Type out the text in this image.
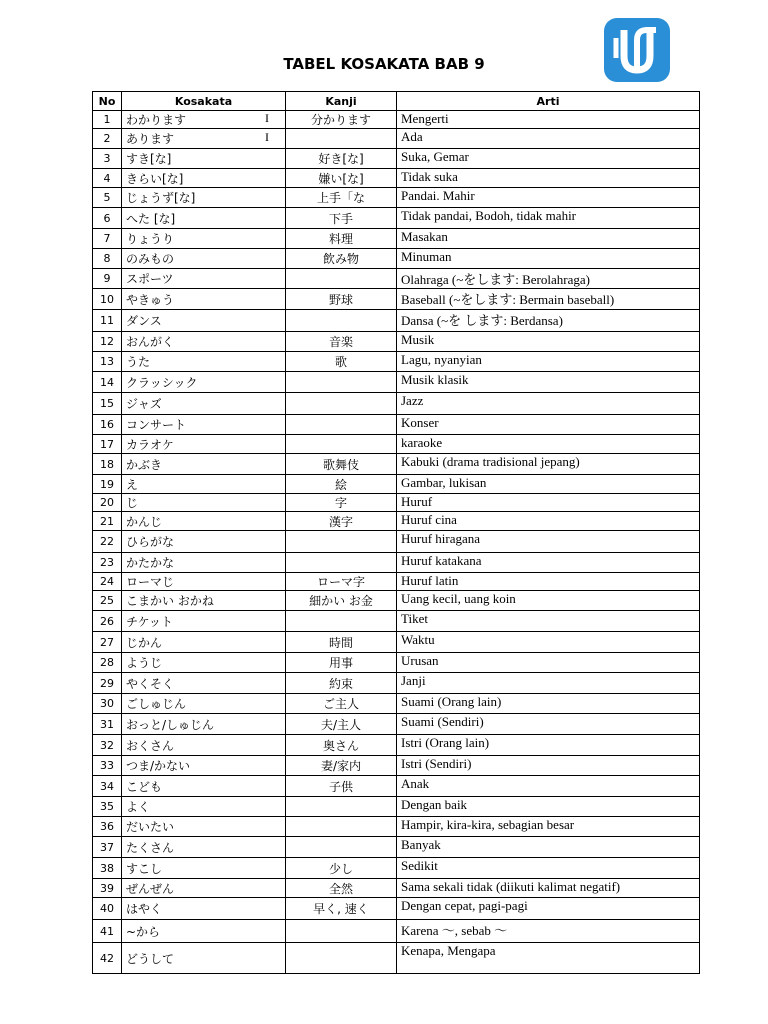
TABEL KOSAKATA BAB 9
No	Kosakata	Kanji	Arti
1	わかります I	分かります	Mengerti
2	あります I		Ada
3	すき[な]	好き[な]	Suka, Gemar
4	きらい[な]	嫌い[な]	Tidak suka
5	じょうず[な]	上手「な	Pandai. Mahir
6	へた [な]	下手	Tidak pandai, Bodoh, tidak mahir
7	りょうり	料理	Masakan
8	のみもの	飲み物	Minuman
9	スポーツ		Olahraga (~をします: Berolahraga)
10	やきゅう	野球	Baseball (~をします: Bermain baseball)
11	ダンス		Dansa (~を します: Berdansa)
12	おんがく	音楽	Musik
13	うた	歌	Lagu, nyanyian
14	クラッシック		Musik klasik
15	ジャズ		Jazz
16	コンサート		Konser
17	カラオケ		karaoke
18	かぶき	歌舞伎	Kabuki (drama tradisional jepang)
19	え	絵	Gambar, lukisan
20	じ	字	Huruf
21	かんじ	漢字	Huruf cina
22	ひらがな		Huruf hiragana
23	かたかな		Huruf katakana
24	ローマじ	ローマ字	Huruf latin
25	こまかい おかね	細かい お金	Uang kecil, uang koin
26	チケット		Tiket
27	じかん	時間	Waktu
28	ようじ	用事	Urusan
29	やくそく	約束	Janji
30	ごしゅじん	ご主人	Suami (Orang lain)
31	おっと/しゅじん	夫/主人	Suami (Sendiri)
32	おくさん	奥さん	Istri (Orang lain)
33	つま/かない	妻/家内	Istri (Sendiri)
34	こども	子供	Anak
35	よく		Dengan baik
36	だいたい		Hampir, kira-kira, sebagian besar
37	たくさん		Banyak
38	すこし	少し	Sedikit
39	ぜんぜん	全然	Sama sekali tidak (diikuti kalimat negatif)
40	はやく	早く, 速く	Dengan cepat, pagi-pagi
41	~から		Karena 〜, sebab 〜
42	どうして		Kenapa, Mengapa
